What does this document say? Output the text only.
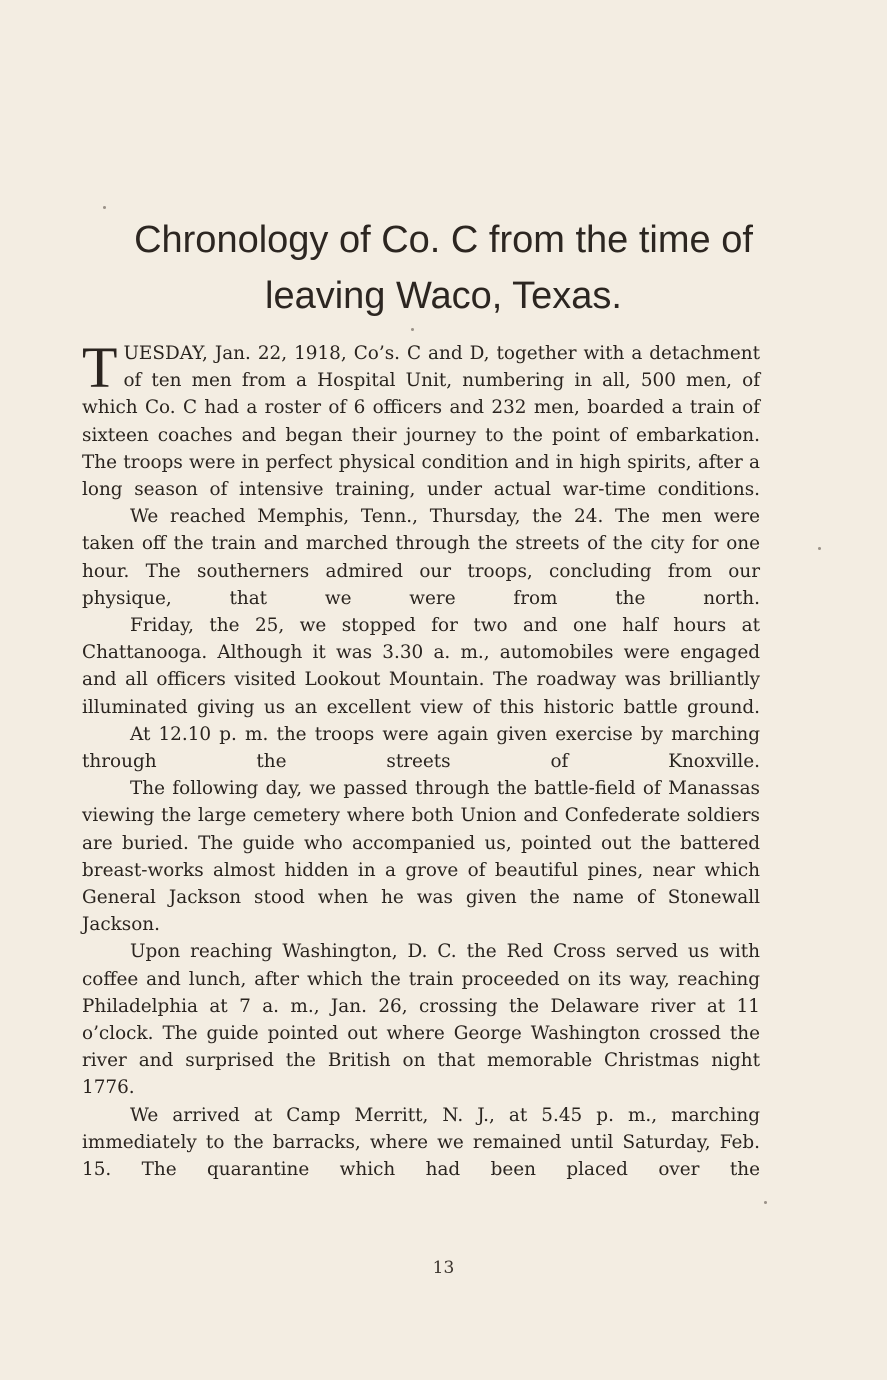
Chronology of Co. C from the time of
leaving Waco, Texas.

TUESDAY, Jan. 22, 1918, Co’s. C and D, together with a detachment of ten men from a Hospital Unit, numbering in all, 500 men, of which Co. C had a roster of 6 officers and 232 men, boarded a train of sixteen coaches and began their journey to the point of embarkation. The troops were in perfect physical condition and in high spirits, after a long season of intensive training, under actual war-time conditions.

We reached Memphis, Tenn., Thursday, the 24. The men were taken off the train and marched through the streets of the city for one hour. The southerners admired our troops, concluding from our physique, that we were from the north.

Friday, the 25, we stopped for two and one half hours at Chattanooga. Although it was 3.30 a. m., automobiles were engaged and all officers visited Lookout Mountain. The roadway was brilliantly illuminated giving us an excellent view of this historic battle ground.

At 12.10 p. m. the troops were again given exercise by marching through the streets of Knoxville.

The following day, we passed through the battle-field of Manassas viewing the large cemetery where both Union and Confederate soldiers are buried. The guide who accompanied us, pointed out the battered breast-works almost hidden in a grove of beautiful pines, near which General Jackson stood when he was given the name of Stonewall Jackson.

Upon reaching Washington, D. C. the Red Cross served us with coffee and lunch, after which the train proceeded on its way, reaching Philadelphia at 7 a. m., Jan. 26, crossing the Delaware river at 11 o’clock. The guide pointed out where George Washington crossed the river and surprised the British on that memorable Christmas night 1776.

We arrived at Camp Merritt, N. J., at 5.45 p. m., marching immediately to the barracks, where we remained until Saturday, Feb. 15. The quarantine which had been placed over the

13
